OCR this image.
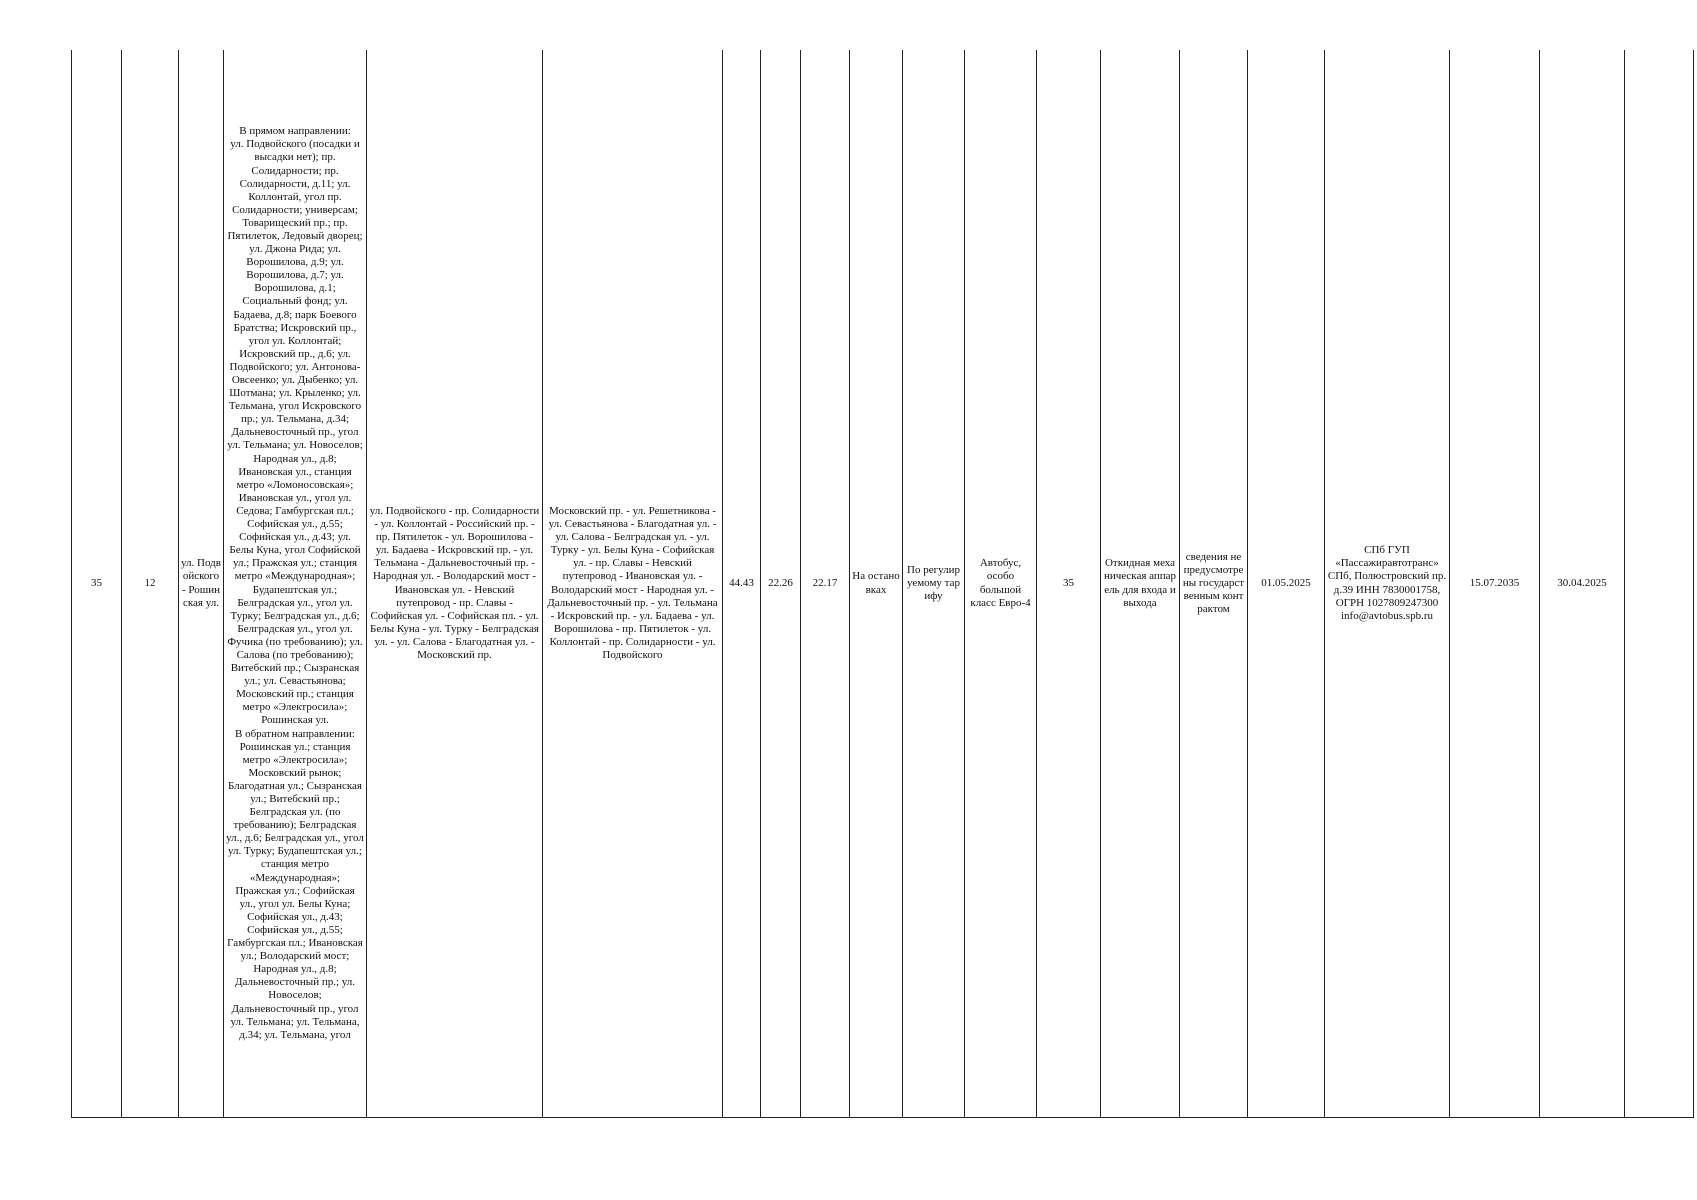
35	12	ул. Подвойского - Рошинская ул.	В прямом направлении:
ул. Подвойского (посадки и высадки нет); пр. Солидарности; пр. Солидарности, д.11; ул. Коллонтай, угол пр. Солидарности; универсам; Товарищеский пр.; пр. Пятилеток, Ледовый дворец; ул. Джона Рида; ул. Ворошилова, д.9; ул. Ворошилова, д.7; ул. Ворошилова, д.1; Социальный фонд; ул. Бадаева, д.8; парк Боевого Братства; Искровский пр., угол ул. Коллонтай; Искровский пр., д.6; ул. Подвойского; ул. Антонова-Овсеенко; ул. Дыбенко; ул. Шотмана; ул. Крыленко; ул. Тельмана, угол Искровского пр.; ул. Тельмана, д.34; Дальневосточный пр., угол ул. Тельмана; ул. Новоселов; Народная ул., д.8; Ивановская ул., станция метро «Ломоносовская»; Ивановская ул., угол ул. Седова; Гамбургская пл.; Софийская ул., д.55; Софийская ул., д.43; ул. Белы Куна, угол Софийской ул.; Пражская ул.; станция метро «Международная»; Будапештская ул.; Белградская ул., угол ул. Турку; Белградская ул., д.6; Белградская ул., угол ул. Фучика (по требованию); ул. Салова (по требованию); Витебский пр.; Сызранская ул.; ул. Севастьянова; Московский пр.; станция метро «Электросила»; Рошинская ул.
В обратном направлении:
Рошинская ул.; станция метро «Электросила»; Московский рынок; Благодатная ул.; Сызранская ул.; Витебский пр.; Белградская ул. (по требованию); Белградская ул., д.6; Белградская ул., угол ул. Турку; Будапештская ул.; станция метро «Международная»; Пражская ул.; Софийская ул., угол ул. Белы Куна; Софийская ул., д.43; Софийская ул., д.55; Гамбургская пл.; Ивановская ул.; Володарский мост; Народная ул., д.8; Дальневосточный пр.; ул. Новоселов; Дальневосточный пр., угол ул. Тельмана; ул. Тельмана, д.34; ул. Тельмана, угол	ул. Подвойского - пр. Солидарности - ул. Коллонтай - Российский пр. - пр. Пятилеток - ул. Ворошилова - ул. Бадаева - Искровский пр. - ул. Тельмана - Дальневосточный пр. - Народная ул. - Володарский мост - Ивановская ул. - Невский путепровод - пр. Славы - Софийская ул. - Софийская пл. - ул. Белы Куна - ул. Турку - Белградская ул. - ул. Салова - Благодатная ул. - Московский пр.	Московский пр. - ул. Решетникова - ул. Севастьянова - Благодатная ул. - ул. Салова - Белградская ул. - ул. Турку - ул. Белы Куна - Софийская ул. - пр. Славы - Невский путепровод - Ивановская ул. - Володарский мост - Народная ул. - Дальневосточный пр. - ул. Тельмана - Искровский пр. - ул. Бадаева - ул. Ворошилова - пр. Пятилеток - ул. Коллонтай - пр. Солидарности - ул. Подвойского	44.43	22.26	22.17	На остановках	По регулируемому тарифу	Автобус, особо большой класс Евро-4	35	Откидная механическая аппарель для входа и выхода	сведения не предусмотрены государственным контрактом	01.05.2025	СПб ГУП «Пассажиравтотранс» СПб, Полюстровский пр. д.39 ИНН 7830001758, ОГРН 1027809247300 info@avtobus.spb.ru	15.07.2035	30.04.2025	
